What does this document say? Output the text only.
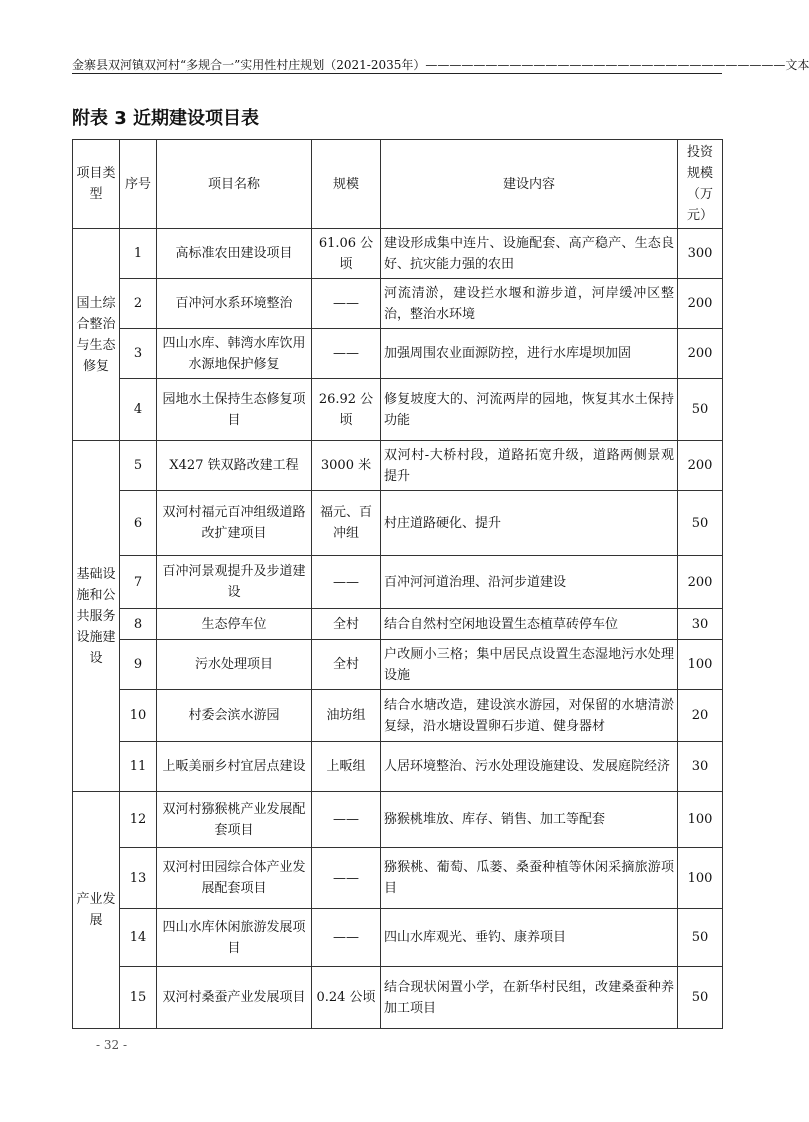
金寨县双河镇双河村“多规合一”实用性村庄规划（2021-2035年）——————————————————————————————文本
附表 3 近期建设项目表
项目类型	序号	项目名称	规模	建设内容	投资规模（万元）
国土综合整治与生态修复	1	高标准农田建设项目	61.06 公顷	建设形成集中连片、设施配套、高产稳产、生态良好、抗灾能力强的农田	300
	2	百冲河水系环境整治	——	河流清淤，建设拦水堰和游步道，河岸缓冲区整治，整治水环境	200
	3	四山水库、韩湾水库饮用水源地保护修复	——	加强周围农业面源防控，进行水库堤坝加固	200
	4	园地水土保持生态修复项目	26.92 公顷	修复坡度大的、河流两岸的园地，恢复其水土保持功能	50
基础设施和公共服务设施建设	5	X427 铁双路改建工程	3000 米	双河村-大桥村段，道路拓宽升级，道路两侧景观提升	200
	6	双河村福元百冲组级道路改扩建项目	福元、百冲组	村庄道路硬化、提升	50
	7	百冲河景观提升及步道建设	——	百冲河河道治理、沿河步道建设	200
	8	生态停车位	全村	结合自然村空闲地设置生态植草砖停车位	30
	9	污水处理项目	全村	户改厕小三格；集中居民点设置生态湿地污水处理设施	100
	10	村委会滨水游园	油坊组	结合水塘改造，建设滨水游园，对保留的水塘清淤复绿，沿水塘设置卵石步道、健身器材	20
	11	上畈美丽乡村宜居点建设	上畈组	人居环境整治、污水处理设施建设、发展庭院经济	30
产业发展	12	双河村猕猴桃产业发展配套项目	——	猕猴桃堆放、库存、销售、加工等配套	100
	13	双河村田园综合体产业发展配套项目	——	猕猴桃、葡萄、瓜蒌、桑蚕种植等休闲采摘旅游项目	100
	14	四山水库休闲旅游发展项目	——	四山水库观光、垂钓、康养项目	50
	15	双河村桑蚕产业发展项目	0.24 公顷	结合现状闲置小学，在新华村民组，改建桑蚕种养加工项目	50
- 32 -
